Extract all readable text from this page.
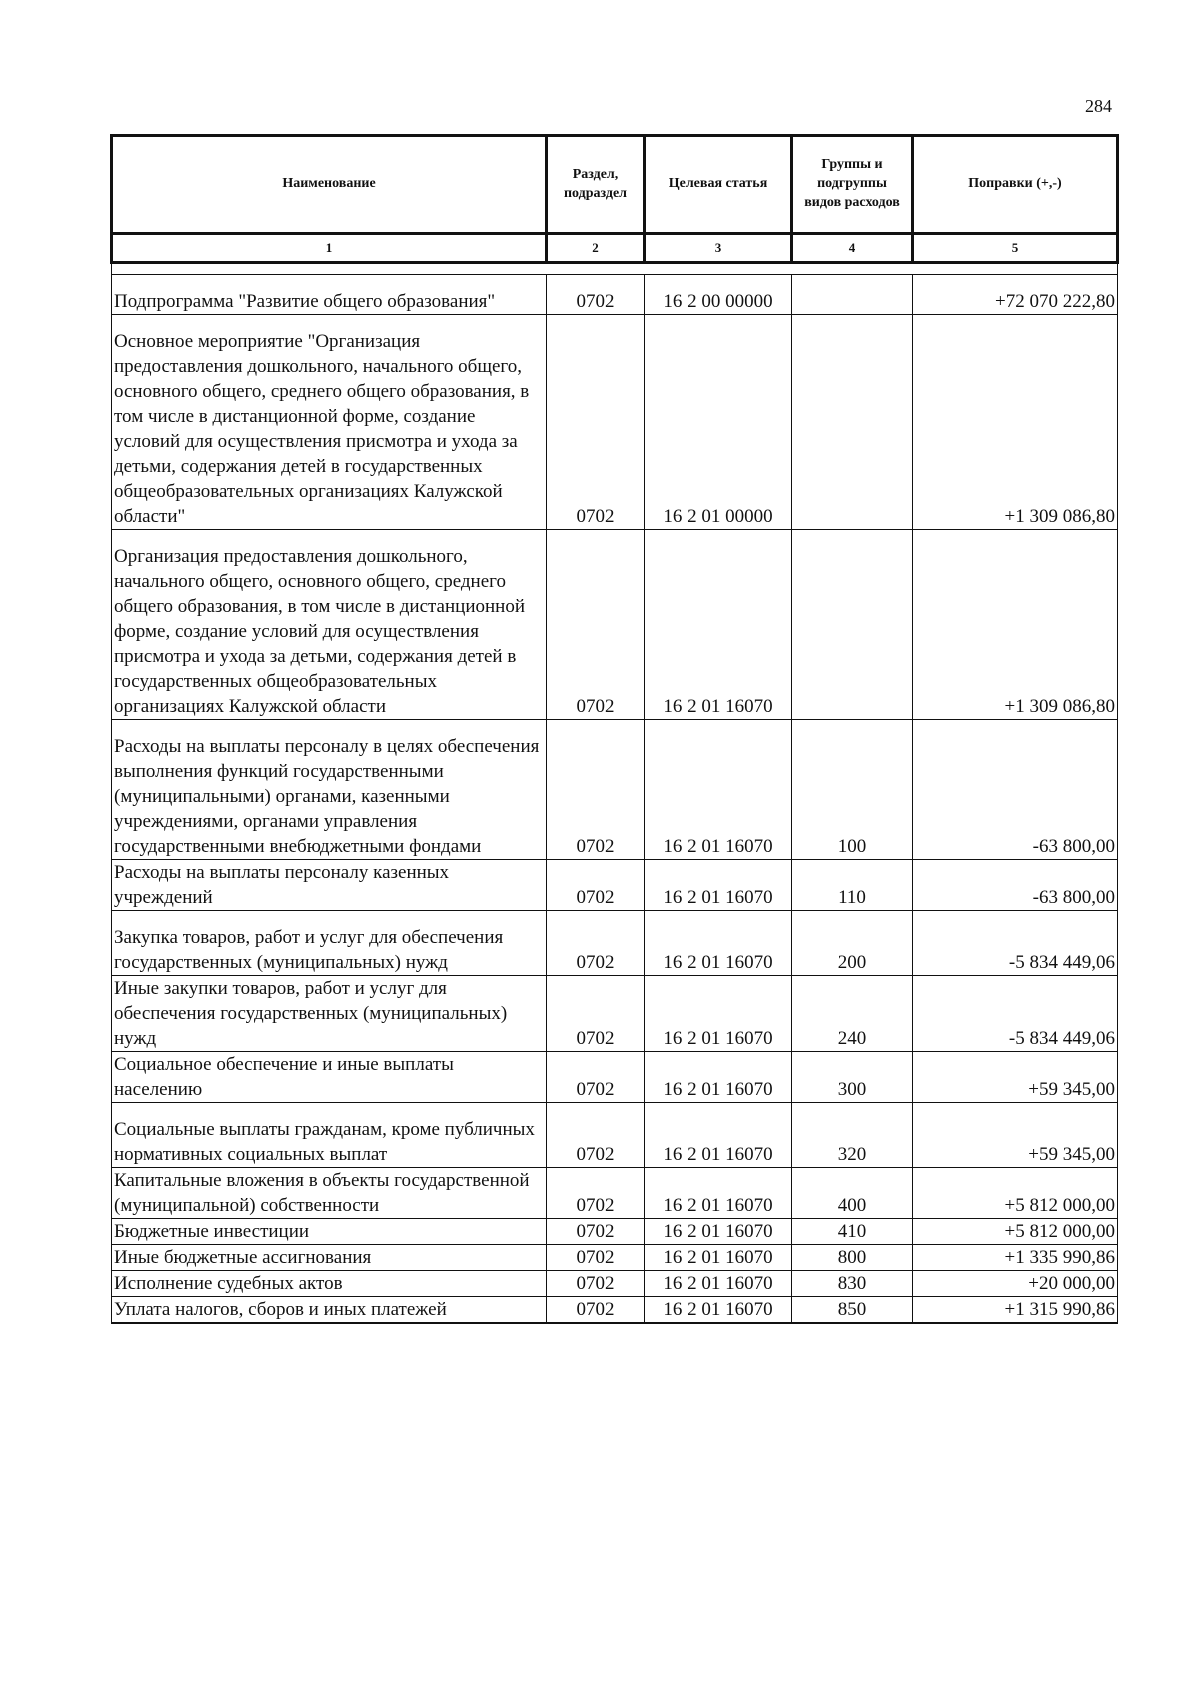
284
Наименование	Раздел, подраздел	Целевая статья	Группы и подгруппы видов расходов	Поправки (+,-)
1	2	3	4	5

Подпрограмма "Развитие общего образования"	0702	16 2 00 00000		+72 070 222,80
Основное мероприятие "Организация предоставления дошкольного, начального общего, основного общего, среднего общего образования, в том числе в дистанционной форме, создание условий для осуществления присмотра и ухода за детьми, содержания детей в государственных общеобразовательных организациях Калужской области"	0702	16 2 01 00000		+1 309 086,80
Организация предоставления дошкольного, начального общего, основного общего, среднего общего образования, в том числе в дистанционной форме, создание условий для осуществления присмотра и ухода за детьми, содержания детей в государственных общеобразовательных организациях Калужской области	0702	16 2 01 16070		+1 309 086,80
Расходы на выплаты персоналу в целях обеспечения выполнения функций государственными (муниципальными) органами, казенными учреждениями, органами управления государственными внебюджетными фондами	0702	16 2 01 16070	100	-63 800,00
Расходы на выплаты персоналу казенных учреждений	0702	16 2 01 16070	110	-63 800,00
Закупка товаров, работ и услуг для обеспечения государственных (муниципальных) нужд	0702	16 2 01 16070	200	-5 834 449,06
Иные закупки товаров, работ и услуг для обеспечения государственных (муниципальных) нужд	0702	16 2 01 16070	240	-5 834 449,06
Социальное обеспечение и иные выплаты населению	0702	16 2 01 16070	300	+59 345,00
Социальные выплаты гражданам, кроме публичных нормативных социальных выплат	0702	16 2 01 16070	320	+59 345,00
Капитальные вложения в объекты государственной (муниципальной) собственности	0702	16 2 01 16070	400	+5 812 000,00
Бюджетные инвестиции	0702	16 2 01 16070	410	+5 812 000,00
Иные бюджетные ассигнования	0702	16 2 01 16070	800	+1 335 990,86
Исполнение судебных актов	0702	16 2 01 16070	830	+20 000,00
Уплата налогов, сборов и иных платежей	0702	16 2 01 16070	850	+1 315 990,86
